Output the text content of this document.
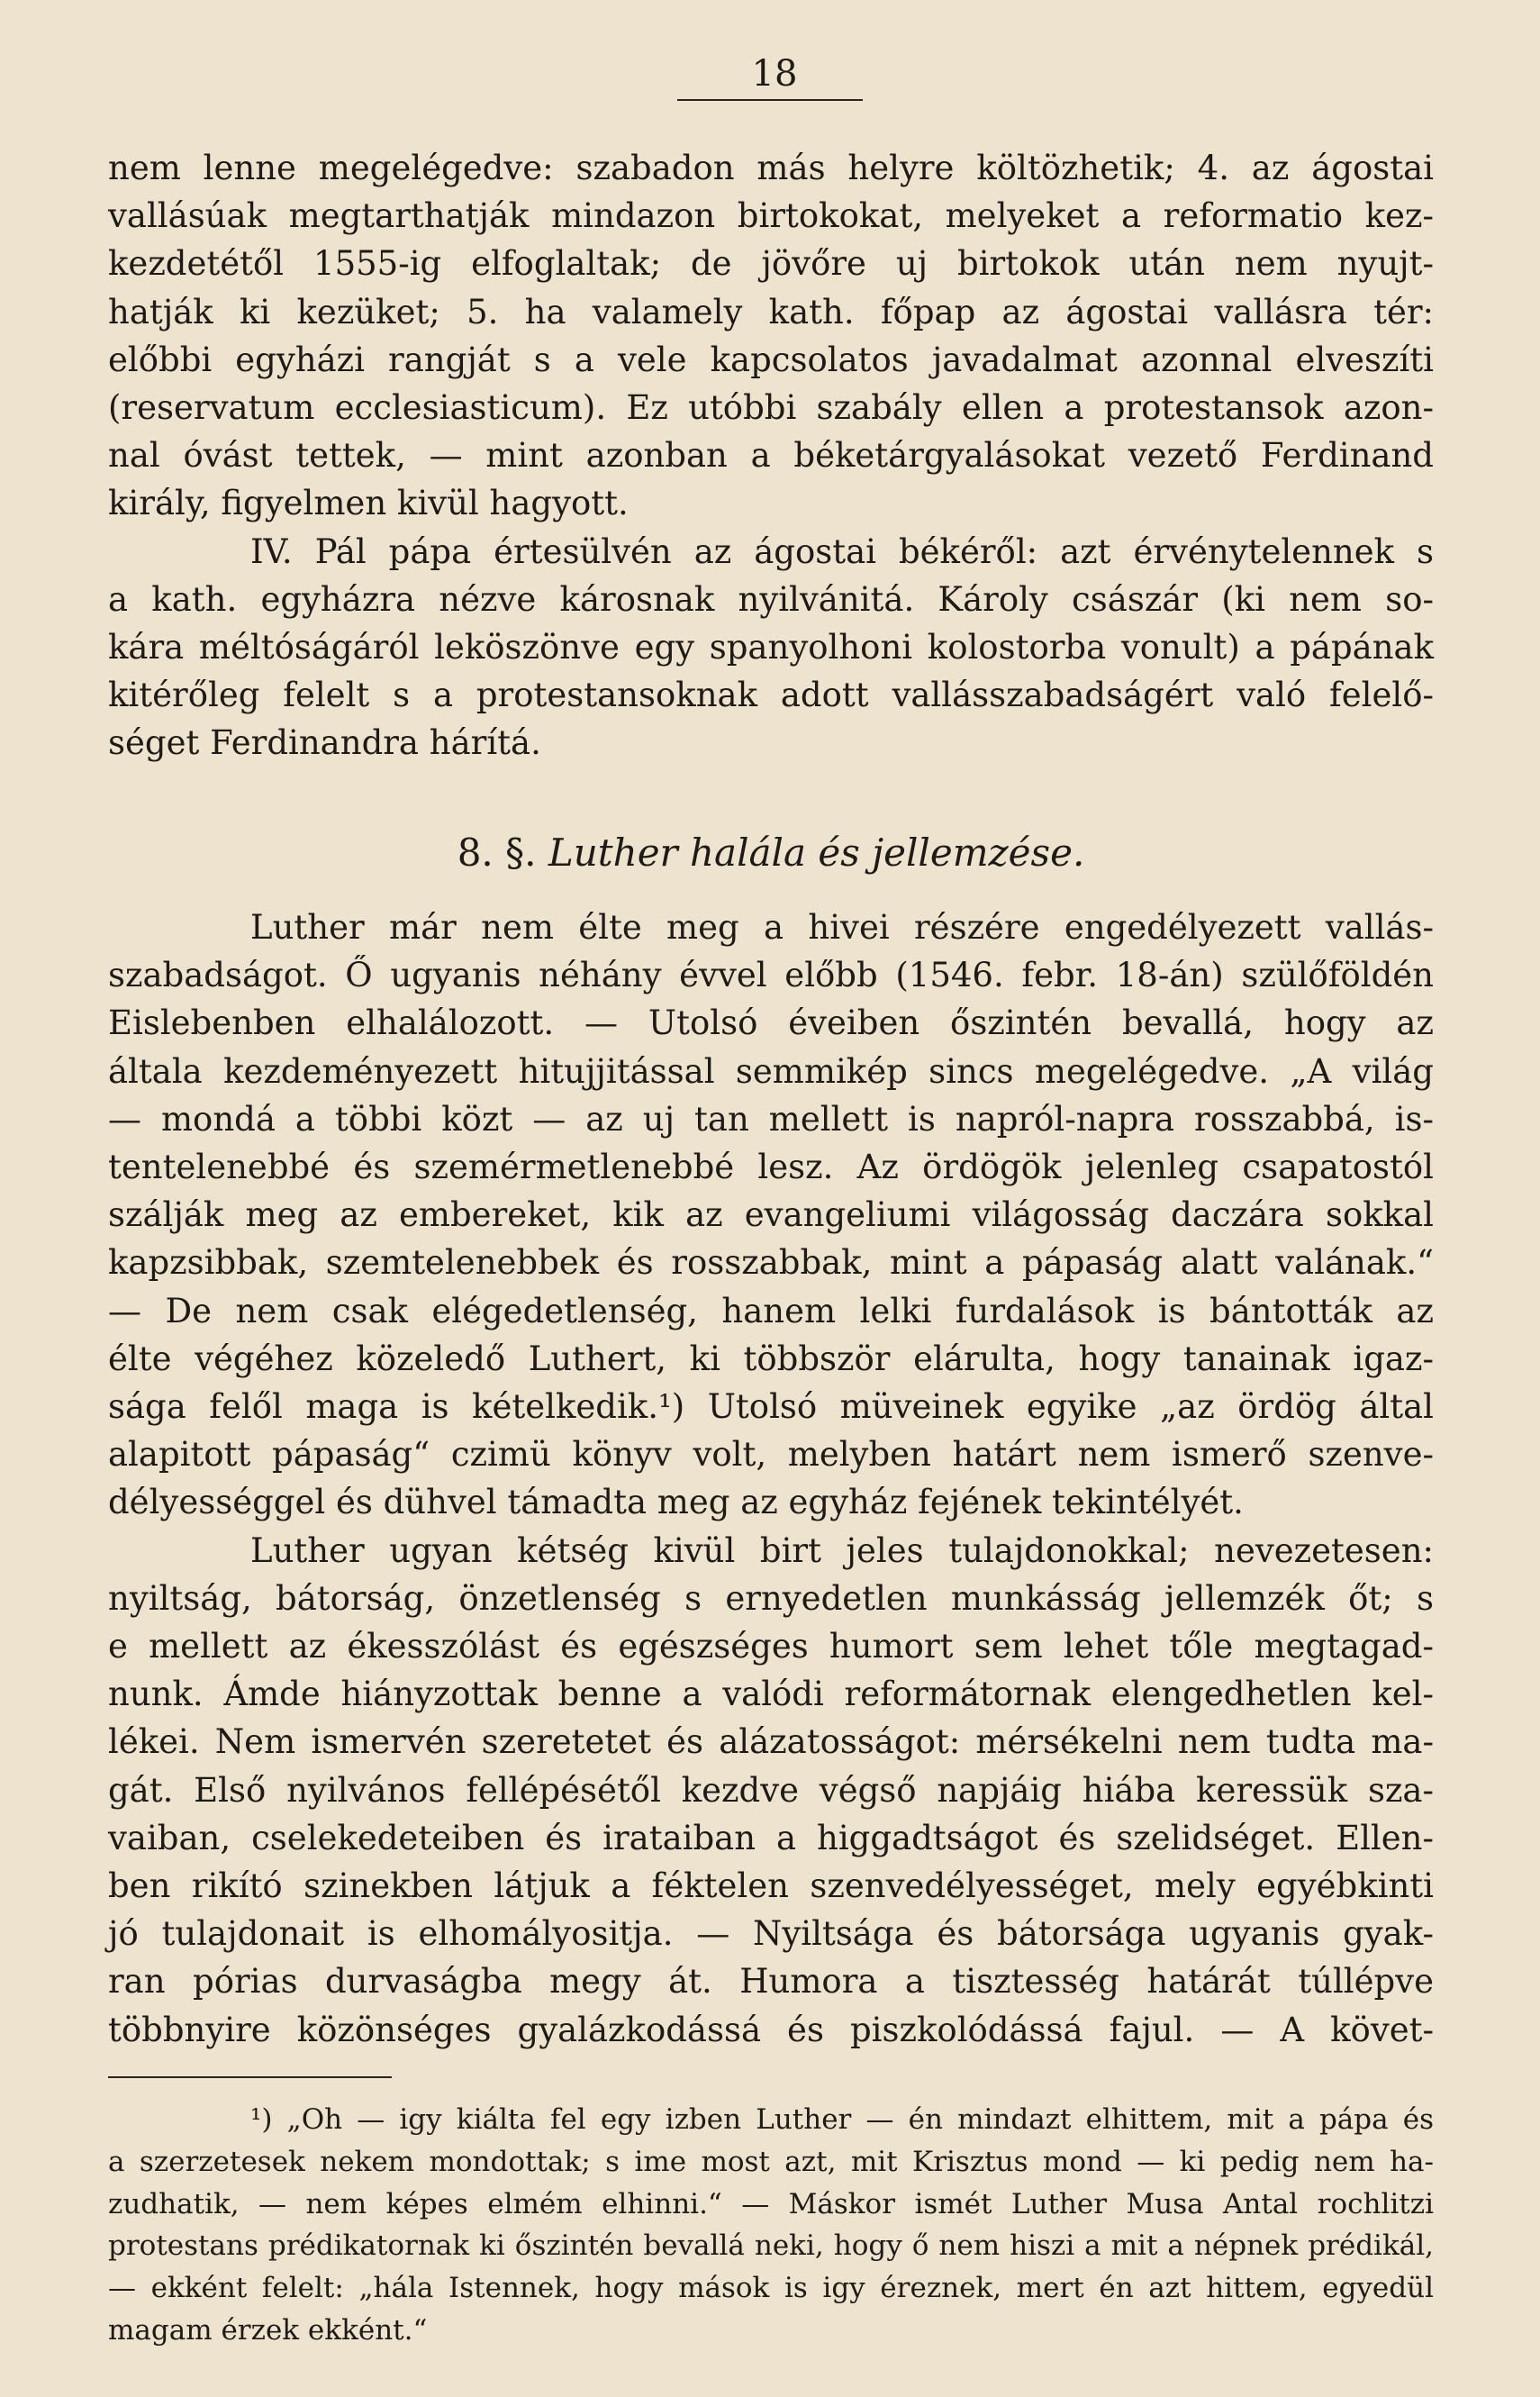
18
nem lenne megelégedve: szabadon más helyre költözhetik; 4. az ágostai
vallásúak megtarthatják mindazon birtokokat, melyeket a reformatio kez-
kezdetétől 1555-ig elfoglaltak; de jövőre uj birtokok után nem nyujt-
hatják ki kezüket; 5. ha valamely kath. főpap az ágostai vallásra tér:
előbbi egyházi rangját s a vele kapcsolatos javadalmat azonnal elveszíti
(reservatum ecclesiasticum). Ez utóbbi szabály ellen a protestansok azon-
nal óvást tettek, — mint azonban a béketárgyalásokat vezető Ferdinand
király, figyelmen kivül hagyott.
IV. Pál pápa értesülvén az ágostai békéről: azt érvénytelennek s
a kath. egyházra nézve károsnak nyilvánitá. Károly császár (ki nem so-
kára méltóságáról leköszönve egy spanyolhoni kolostorba vonult) a pápának
kitérőleg felelt s a protestansoknak adott vallásszabadságért való felelő-
séget Ferdinandra hárítá.
8. §. Luther halála és jellemzése.
Luther már nem élte meg a hivei részére engedélyezett vallás-
szabadságot. Ő ugyanis néhány évvel előbb (1546. febr. 18-án) szülőföldén
Eislebenben elhalálozott. — Utolsó éveiben őszintén bevallá, hogy az
általa kezdeményezett hitujjitással semmikép sincs megelégedve. „A világ
— mondá a többi közt — az uj tan mellett is napról-napra rosszabbá, is-
tentelenebbé és szemérmetlenebbé lesz. Az ördögök jelenleg csapatostól
szálják meg az embereket, kik az evangeliumi világosság daczára sokkal
kapzsibbak, szemtelenebbek és rosszabbak, mint a pápaság alatt valának.“
— De nem csak elégedetlenség, hanem lelki furdalások is bántották az
élte végéhez közeledő Luthert, ki többször elárulta, hogy tanainak igaz-
sága felől maga is kételkedik.¹) Utolsó müveinek egyike „az ördög által
alapitott pápaság“ czimü könyv volt, melyben határt nem ismerő szenve-
délyességgel és dühvel támadta meg az egyház fejének tekintélyét.
Luther ugyan kétség kivül birt jeles tulajdonokkal; nevezetesen:
nyiltság, bátorság, önzetlenség s ernyedetlen munkásság jellemzék őt; s
e mellett az ékesszólást és egészséges humort sem lehet tőle megtagad-
nunk. Ámde hiányzottak benne a valódi reformátornak elengedhetlen kel-
lékei. Nem ismervén szeretetet és alázatosságot: mérsékelni nem tudta ma-
gát. Első nyilvános fellépésétől kezdve végső napjáig hiába keressük sza-
vaiban, cselekedeteiben és irataiban a higgadtságot és szelidséget. Ellen-
ben rikító szinekben látjuk a féktelen szenvedélyességet, mely egyébkinti
jó tulajdonait is elhomályositja. — Nyiltsága és bátorsága ugyanis gyak-
ran pórias durvaságba megy át. Humora a tisztesség határát túllépve
többnyire közönséges gyalázkodássá és piszkolódássá fajul. — A követ-
¹) „Oh — igy kiálta fel egy izben Luther — én mindazt elhittem, mit a pápa és
a szerzetesek nekem mondottak; s ime most azt, mit Krisztus mond — ki pedig nem ha-
zudhatik, — nem képes elmém elhinni.“ — Máskor ismét Luther Musa Antal rochlitzi
protestans prédikatornak ki őszintén bevallá neki, hogy ő nem hiszi a mit a népnek prédikál,
— ekként felelt: „hála Istennek, hogy mások is igy éreznek, mert én azt hittem, egyedül
magam érzek ekként.“
